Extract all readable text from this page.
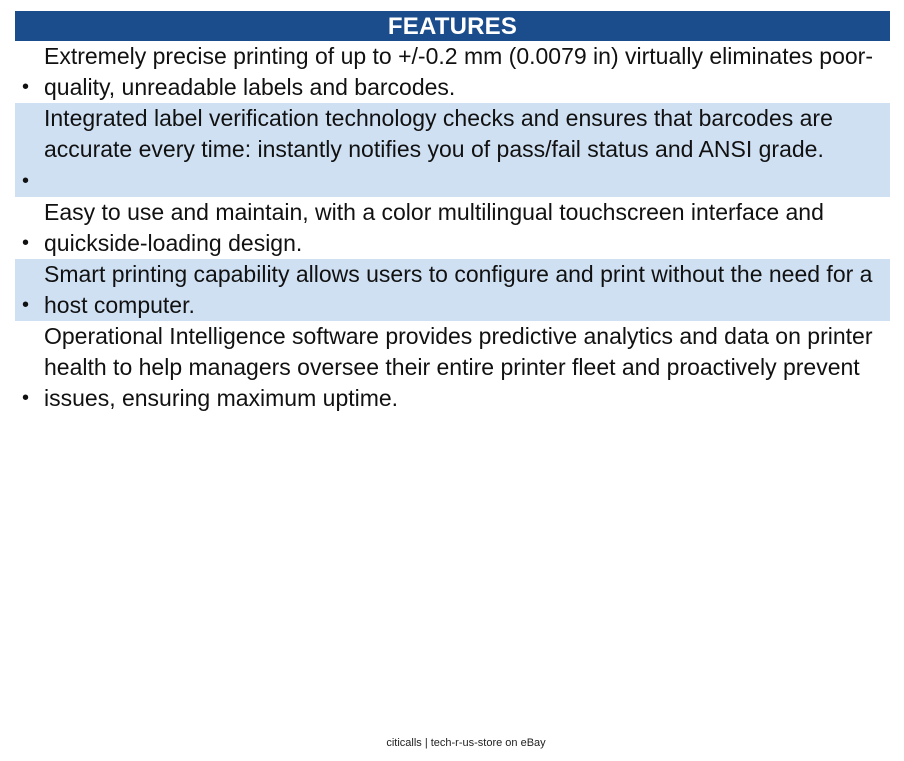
FEATURES
•
Extremely precise printing of up to +/-0.2 mm (0.0079 in) virtually eliminates poor-quality, unreadable labels and barcodes.
•
Integrated label verification technology checks and ensures that barcodes are accurate every time: instantly notifies you of pass/fail status and ANSI grade.
•
Easy to use and maintain, with a color multilingual touchscreen interface and quickside-loading design.
•
Smart printing capability allows users to configure and print without the need for a host computer.
•
Operational Intelligence software provides predictive analytics and data on printer health to help managers oversee their entire printer fleet and proactively prevent issues, ensuring maximum uptime.
citicalls | tech-r-us-store on eBay
